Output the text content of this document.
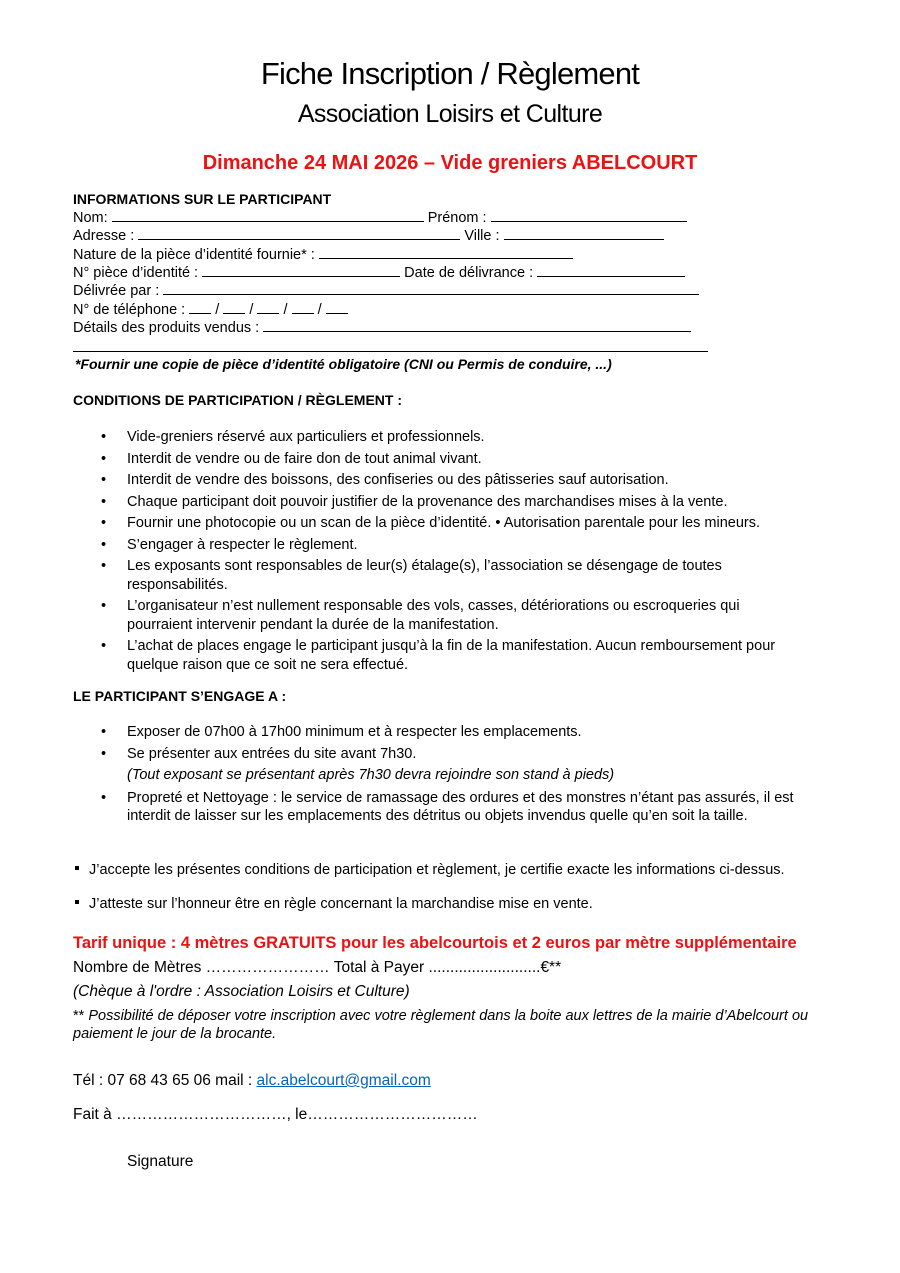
Fiche Inscription / Règlement
Association Loisirs et Culture
Dimanche 24 MAI 2026 – Vide greniers ABELCOURT
INFORMATIONS SUR LE PARTICIPANT
Nom:	Prénom :
Adresse :	Ville :
Nature de la pièce d’identité fournie* :
N° pièce d’identité :	Date de délivrance :
Délivrée par :
N° de téléphone : / / / /
Détails des produits vendus :
*Fournir une copie de pièce d’identité obligatoire (CNI ou Permis de conduire, ...)
CONDITIONS DE PARTICIPATION / RÈGLEMENT :
• Vide-greniers réservé aux particuliers et professionnels.
• Interdit de vendre ou de faire don de tout animal vivant.
• Interdit de vendre des boissons, des confiseries ou des pâtisseries sauf autorisation.
• Chaque participant doit pouvoir justifier de la provenance des marchandises mises à la vente.
• Fournir une photocopie ou un scan de la pièce d’identité. • Autorisation parentale pour les mineurs.
• S’engager à respecter le règlement.
• Les exposants sont responsables de leur(s) étalage(s), l’association se désengage de toutes responsabilités.
• L’organisateur n’est nullement responsable des vols, casses, détériorations ou escroqueries qui pourraient intervenir pendant la durée de la manifestation.
• L’achat de places engage le participant jusqu’à la fin de la manifestation. Aucun remboursement pour quelque raison que ce soit ne sera effectué.
LE PARTICIPANT S’ENGAGE A :
• Exposer de 07h00 à 17h00 minimum et à respecter les emplacements.
• Se présenter aux entrées du site avant 7h30.
(Tout exposant se présentant après 7h30 devra rejoindre son stand à pieds)
• Propreté et Nettoyage : le service de ramassage des ordures et des monstres n’étant pas assurés, il est interdit de laisser sur les emplacements des détritus ou objets invendus quelle qu’en soit la taille.
J’accepte les présentes conditions de participation et règlement, je certifie exacte les informations ci-dessus.
J’atteste sur l’honneur être en règle concernant la marchandise mise en vente.
Tarif unique : 4 mètres GRATUITS pour les abelcourtois et 2 euros par mètre supplémentaire
Nombre de Mètres …………………… Total à Payer ..........................€**
(Chèque à l'ordre : Association Loisirs et Culture)
** Possibilité de déposer votre inscription avec votre règlement dans la boite aux lettres de la mairie d’Abelcourt ou paiement le jour de la brocante.
Tél : 07 68 43 65 06 mail : alc.abelcourt@gmail.com
Fait à ……………………………, le……………………………
Signature
